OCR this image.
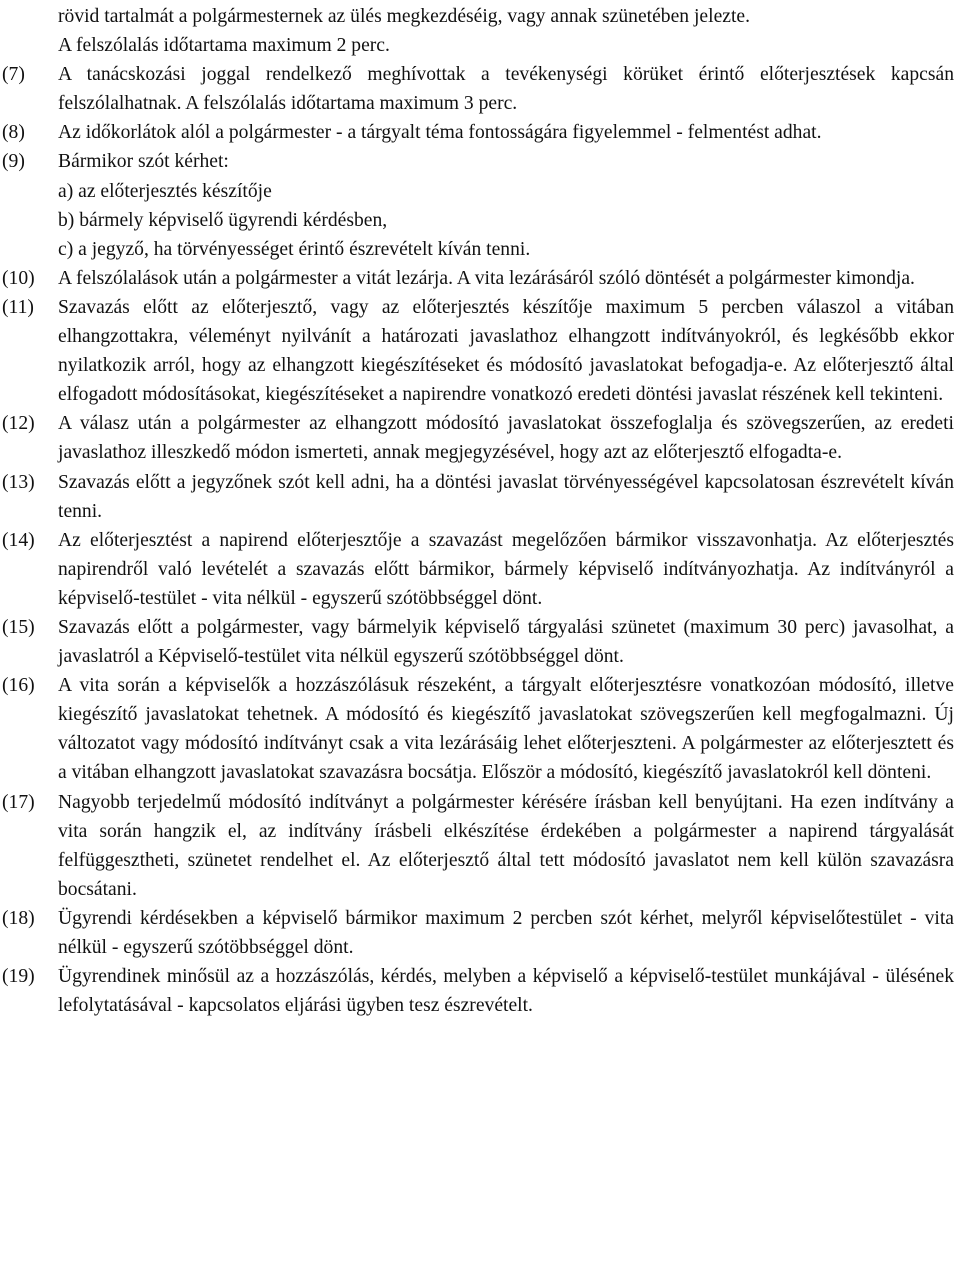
rövid tartalmát a polgármesternek az ülés megkezdéséig, vagy annak szünetében jelezte.
A felszólalás időtartama maximum 2 perc.
(7) A tanácskozási joggal rendelkező meghívottak a tevékenységi körüket érintő előterjesztések kapcsán felszólalhatnak. A felszólalás időtartama maximum 3 perc.
(8) Az időkorlátok alól a polgármester - a tárgyalt téma fontosságára figyelemmel - felmentést adhat.
(9) Bármikor szót kérhet:
a) az előterjesztés készítője
b) bármely képviselő ügyrendi kérdésben,
c) a jegyző, ha törvényességet érintő észrevételt kíván tenni.
(10) A felszólalások után a polgármester a vitát lezárja. A vita lezárásáról szóló döntését a polgármester kimondja.
(11) Szavazás előtt az előterjesztő, vagy az előterjesztés készítője maximum 5 percben válaszol a vitában elhangzottakra, véleményt nyilvánít a határozati javaslathoz elhangzott indítványokról, és legkésőbb ekkor nyilatkozik arról, hogy az elhangzott kiegészítéseket és módosító javaslatokat befogadja-e. Az előterjesztő által elfogadott módosításokat, kiegészítéseket a napirendre vonatkozó eredeti döntési javaslat részének kell tekinteni.
(12) A válasz után a polgármester az elhangzott módosító javaslatokat összefoglalja és szövegszerűen, az eredeti javaslathoz illeszkedő módon ismerteti, annak megjegyzésével, hogy azt az előterjesztő elfogadta-e.
(13) Szavazás előtt a jegyzőnek szót kell adni, ha a döntési javaslat törvényességével kapcsolatosan észrevételt kíván tenni.
(14) Az előterjesztést a napirend előterjesztője a szavazást megelőzően bármikor visszavonhatja. Az előterjesztés napirendről való levételét a szavazás előtt bármikor, bármely képviselő indítványozhatja. Az indítványról a képviselő-testület - vita nélkül - egyszerű szótöbbséggel dönt.
(15) Szavazás előtt a polgármester, vagy bármelyik képviselő tárgyalási szünetet (maximum 30 perc) javasolhat, a javaslatról a Képviselő-testület vita nélkül egyszerű szótöbbséggel dönt.
(16) A vita során a képviselők a hozzászólásuk részeként, a tárgyalt előterjesztésre vonatkozóan módosító, illetve kiegészítő javaslatokat tehetnek. A módosító és kiegészítő javaslatokat szövegszerűen kell megfogalmazni. Új változatot vagy módosító indítványt csak a vita lezárásáig lehet előterjeszteni. A polgármester az előterjesztett és a vitában elhangzott javaslatokat szavazásra bocsátja. Először a módosító, kiegészítő javaslatokról kell dönteni.
(17) Nagyobb terjedelmű módosító indítványt a polgármester kérésére írásban kell benyújtani. Ha ezen indítvány a vita során hangzik el, az indítvány írásbeli elkészítése érdekében a polgármester a napirend tárgyalását felfüggesztheti, szünetet rendelhet el. Az előterjesztő által tett módosító javaslatot nem kell külön szavazásra bocsátani.
(18) Ügyrendi kérdésekben a képviselő bármikor maximum 2 percben szót kérhet, melyről képviselőtestület - vita nélkül - egyszerű szótöbbséggel dönt.
(19) Ügyrendinek minősül az a hozzászólás, kérdés, melyben a képviselő a képviselő-testület munkájával - ülésének lefolytatásával - kapcsolatos eljárási ügyben tesz észrevételt.
